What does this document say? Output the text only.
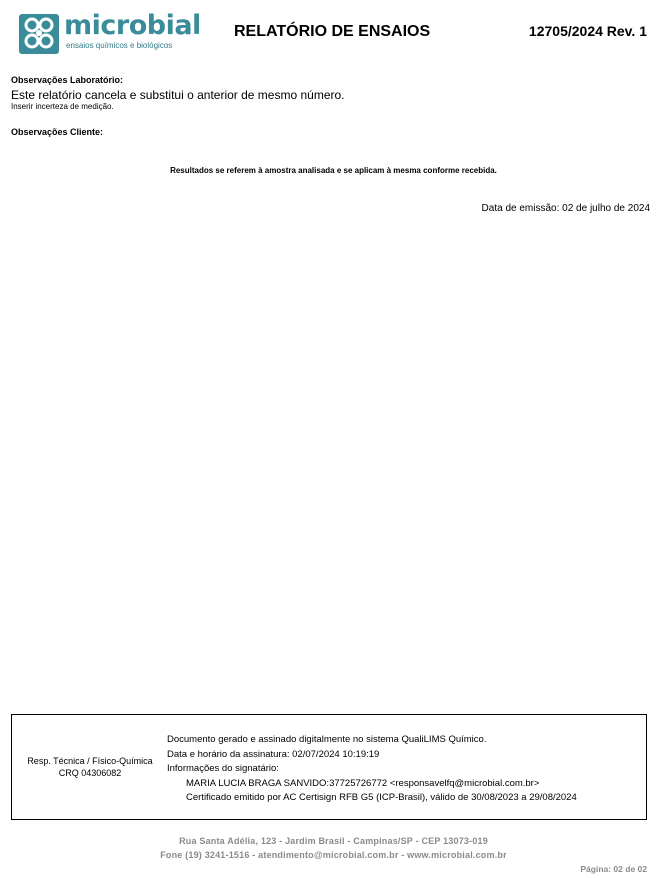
microbial
ensaios químicos e biológicos
RELATÓRIO DE ENSAIOS	12705/2024 Rev. 1
Observações Laboratório:
Este relatório cancela e substitui o anterior de mesmo número.
Inserir incerteza de medição.
Observações Cliente:
Resultados se referem à amostra analisada e se aplicam à mesma conforme recebida.
Data de emissão: 02 de julho de 2024
Resp. Técnica / Físico-Química
CRQ 04306082
Documento gerado e assinado digitalmente no sistema QualiLIMS Químico.
Data e horário da assinatura: 02/07/2024 10:19:19
Informações do signatário:
MARIA LUCIA BRAGA SANVIDO:37725726772 <responsavelfq@microbial.com.br>
Certificado emitido por AC Certisign RFB G5 (ICP-Brasil), válido de 30/08/2023 a 29/08/2024
Rua Santa Adélia, 123 - Jardim Brasil - Campinas/SP - CEP 13073-019
Fone (19) 3241-1516 - atendimento@microbial.com.br - www.microbial.com.br
Página: 02 de 02
